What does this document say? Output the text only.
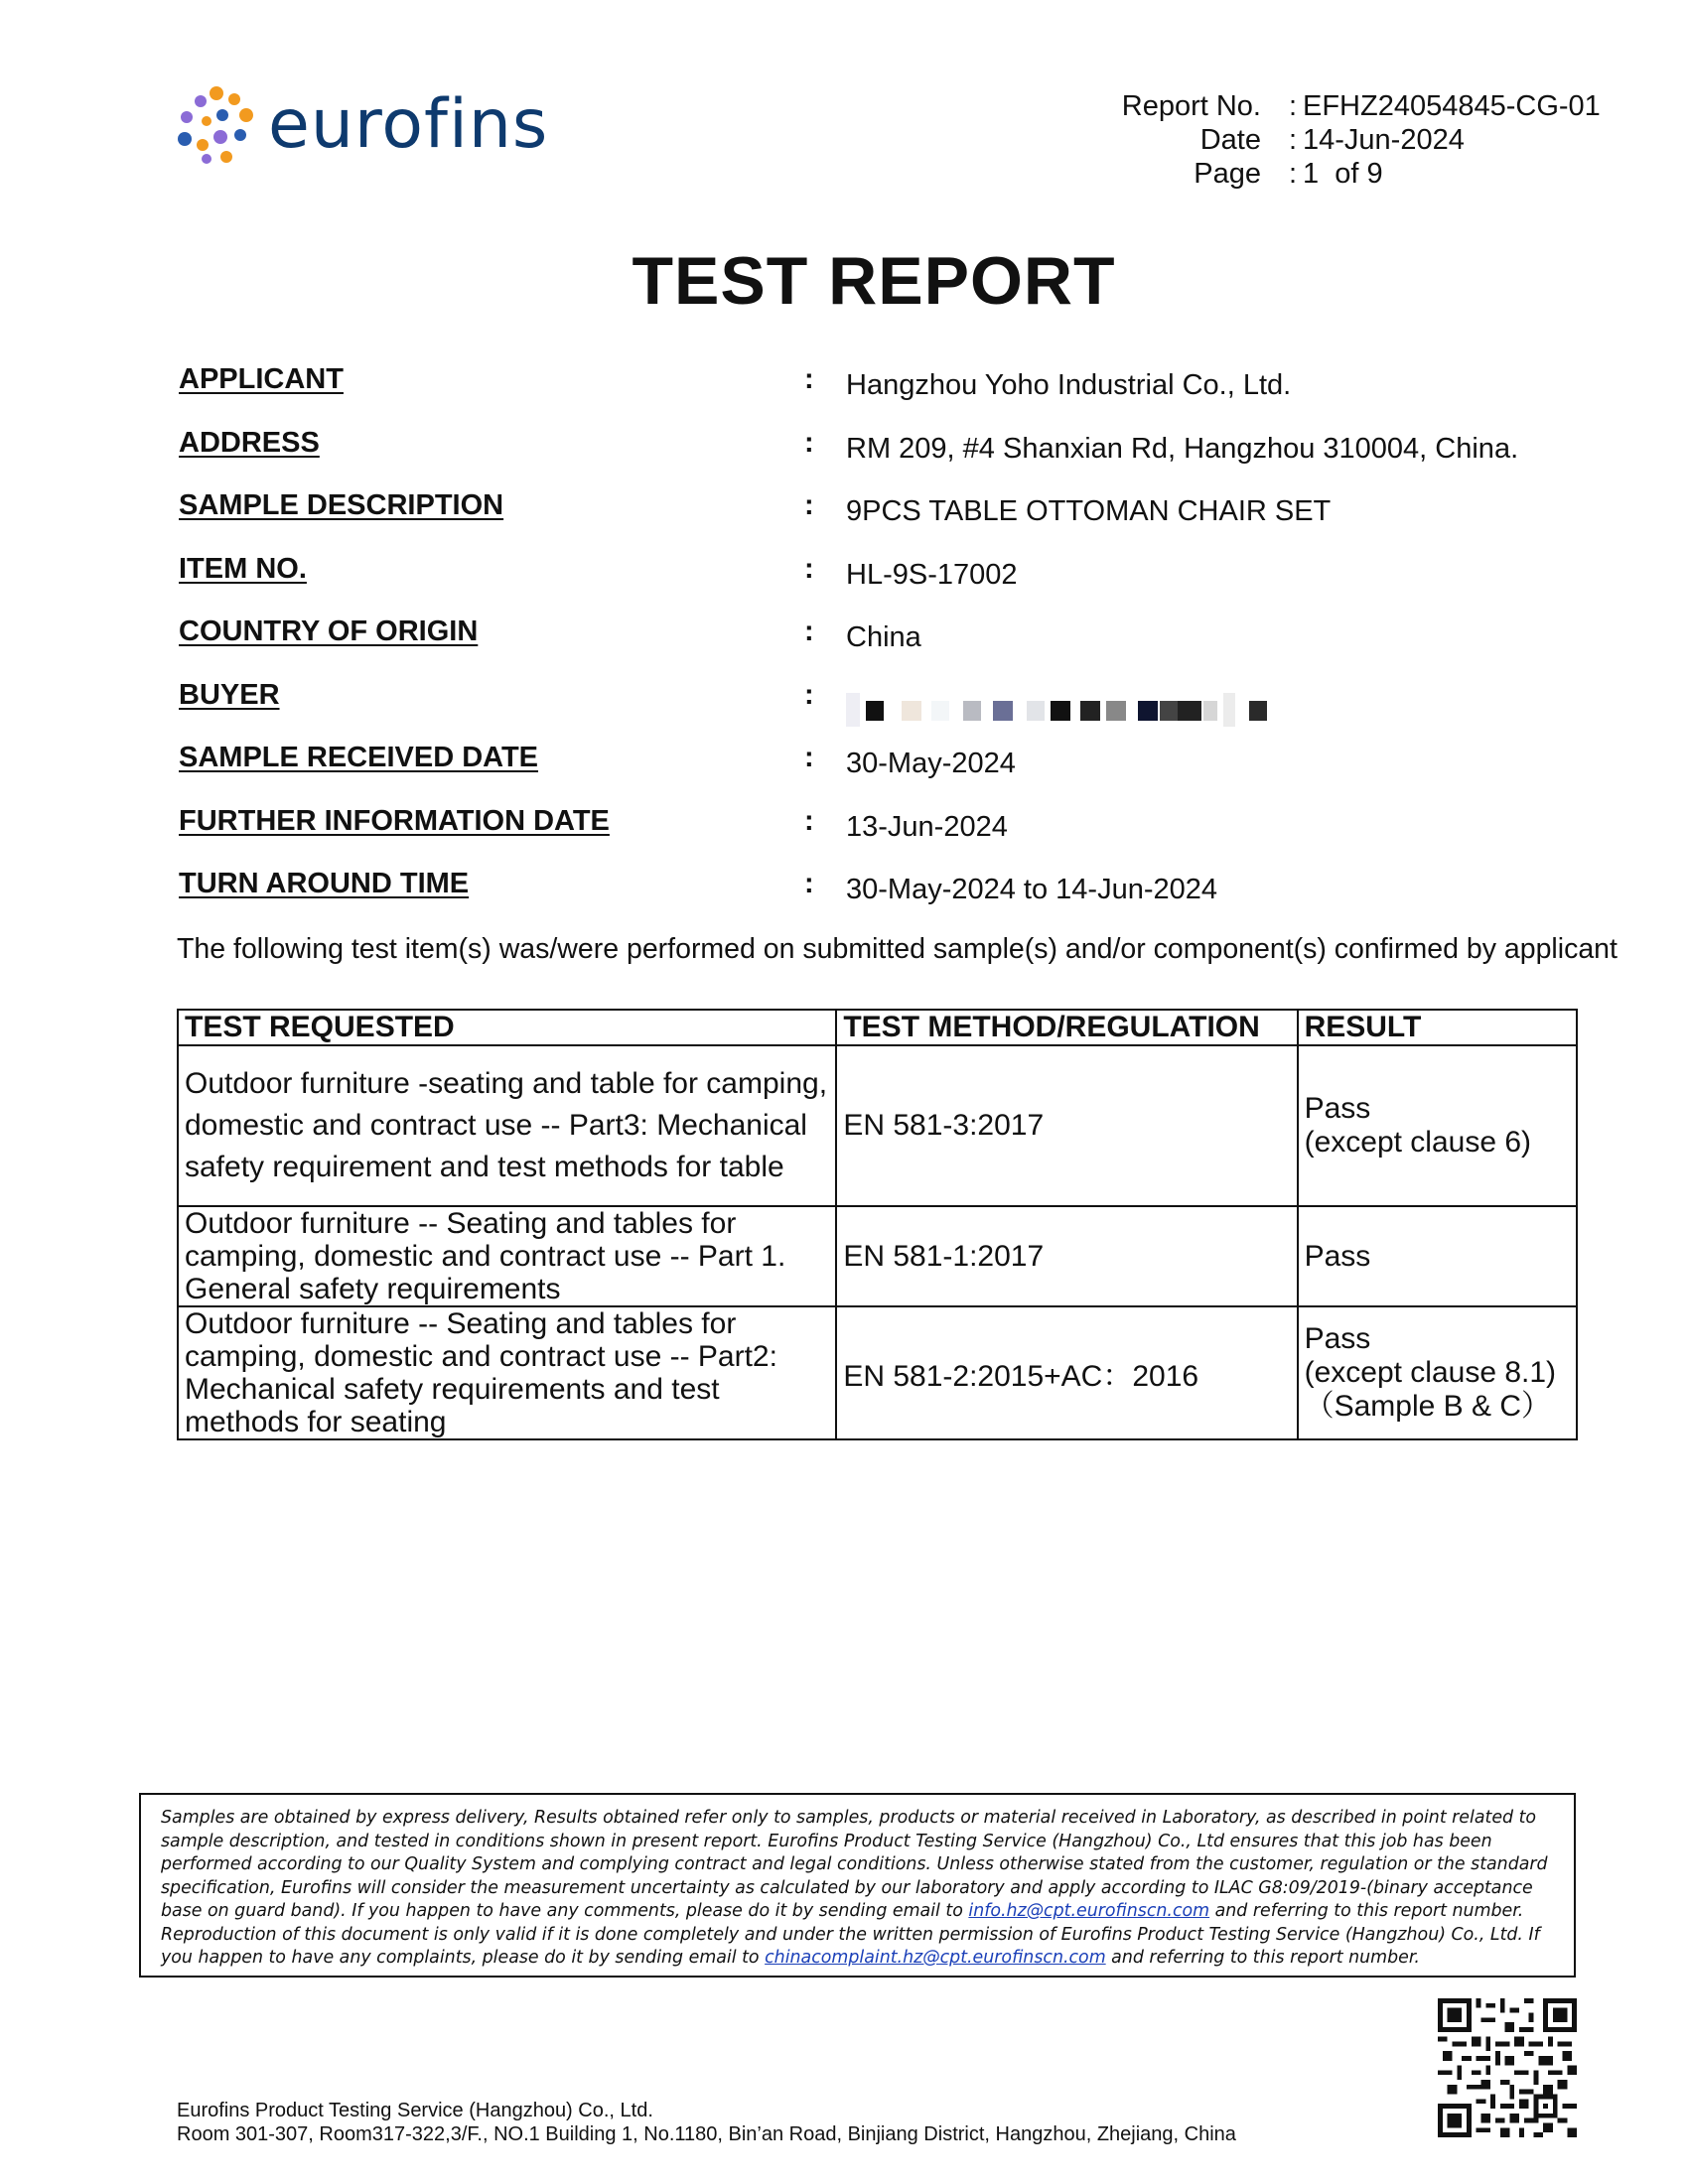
eurofins	Report No. : EFHZ24054845-CG-01
Date : 14-Jun-2024
Page : 1  of 9
TEST REPORT
APPLICANT	: Hangzhou Yoho Industrial Co., Ltd.
ADDRESS	: RM 209, #4 Shanxian Rd, Hangzhou 310004, China.
SAMPLE DESCRIPTION	: 9PCS TABLE OTTOMAN CHAIR SET
ITEM NO.	: HL-9S-17002
COUNTRY OF ORIGIN	: China
BUYER	:
SAMPLE RECEIVED DATE	: 30-May-2024
FURTHER INFORMATION DATE	: 13-Jun-2024
TURN AROUND TIME	: 30-May-2024 to 14-Jun-2024
The following test item(s) was/were performed on submitted sample(s) and/or component(s) confirmed by applicant
TEST REQUESTED	TEST METHOD/REGULATION	RESULT
Outdoor furniture -seating and table for camping, domestic and contract use -- Part3: Mechanical safety requirement and test methods for table	EN 581-3:2017	Pass
(except clause 6)

Outdoor furniture -- Seating and tables for camping, domestic and contract use -- Part 1. General safety requirements	EN 581-1:2017	Pass

Outdoor furniture -- Seating and tables for camping, domestic and contract use -- Part2: Mechanical safety requirements and test methods for seating	EN 581-2:2015+AC：2016	Pass
(except clause 8.1)
（Sample B & C）
Samples are obtained by express delivery, Results obtained refer only to samples, products or material received in Laboratory, as described in point related to sample description, and tested in conditions shown in present report. Eurofins Product Testing Service (Hangzhou) Co., Ltd ensures that this job has been performed according to our Quality System and complying contract and legal conditions. Unless otherwise stated from the customer, regulation or the standard specification, Eurofins will consider the measurement uncertainty as calculated by our laboratory and apply according to ILAC G8:09/2019-(binary acceptance base on guard band). If you happen to have any comments, please do it by sending email to info.hz@cpt.eurofinscn.com and referring to this report number. Reproduction of this document is only valid if it is done completely and under the written permission of Eurofins Product Testing Service (Hangzhou) Co., Ltd. If you happen to have any complaints, please do it by sending email to chinacomplaint.hz@cpt.eurofinscn.com and referring to this report number.
Eurofins Product Testing Service (Hangzhou) Co., Ltd.
Room 301-307, Room317-322,3/F., NO.1 Building 1, No.1180, Bin’an Road, Binjiang District, Hangzhou, Zhejiang, China
